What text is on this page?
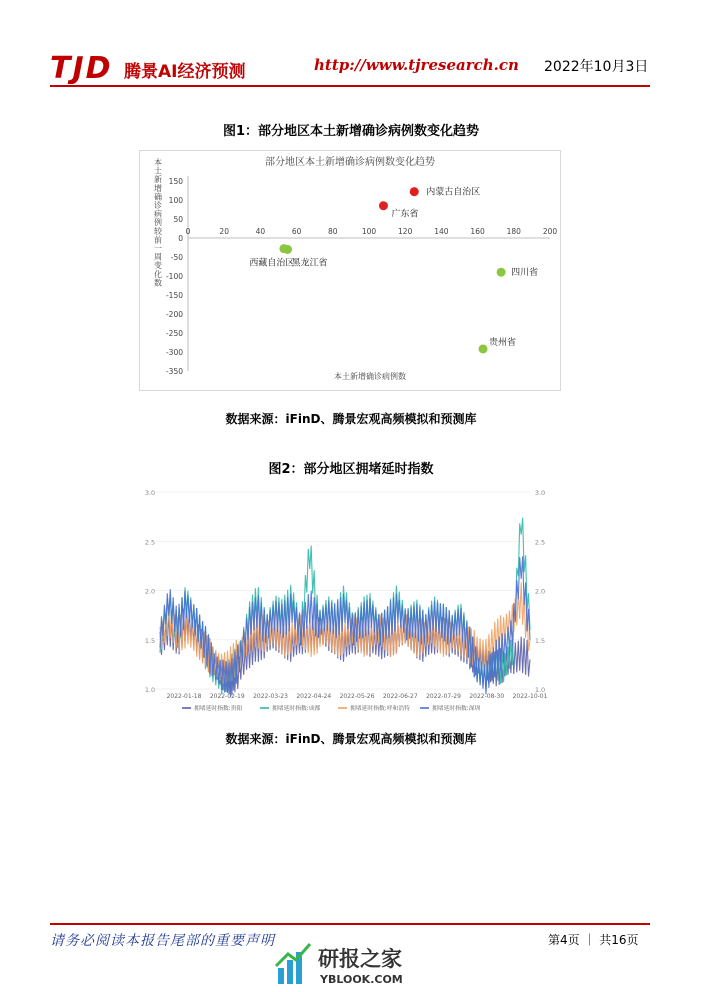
TJD 腾景AI经济预测	http://www.tjresearch.cn 2022年10月3日
图1：部分地区本土新增确诊病例数变化趋势
部分地区本土新增确诊病例数变化趋势
本土新增确诊病例较前一周变化数
150
100
50
0
-50
-100
-150
-200
-250
-300
-350
0	20	40	60	80	100	120	140	160	180	200
本土新增确诊病例数
内蒙古自治区
广东省
西藏自治区
黑龙江省
四川省
贵州省
数据来源：iFinD、腾景宏观高频模拟和预测库
图2：部分地区拥堵延时指数
1.0	1.0
1.5	1.5
2.0	2.0
2.5	2.5
3.0	3.0
2022-01-18 2022-02-19 2022-03-23 2022-04-24 2022-05-26 2022-06-27 2022-07-29 2022-08-30 2022-10-01
拥堵延时指数:贵阳	拥堵延时指数:成都	拥堵延时指数:呼和浩特	拥堵延时指数:深圳
数据来源：iFinD、腾景宏观高频模拟和预测库
请务必阅读本报告尾部的重要声明	第4页 ｜ 共16页
研报之家
YBLOOK.COM
